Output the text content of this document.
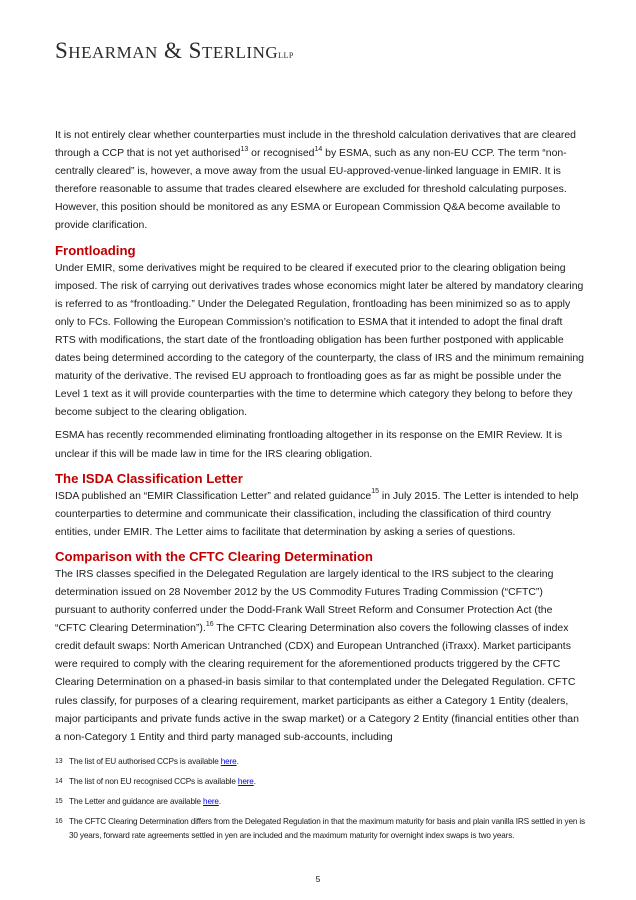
SHEARMAN & STERLINGLLP

It is not entirely clear whether counterparties must include in the threshold calculation derivatives that are cleared through a CCP that is not yet authorised$^{13}$ or recognised$^{14}$ by ESMA, such as any non-EU CCP. The term “non-centrally cleared” is, however, a move away from the usual EU-approved-venue-linked language in EMIR. It is therefore reasonable to assume that trades cleared elsewhere are excluded for threshold calculating purposes. However, this position should be monitored as any ESMA or European Commission Q&A become available to provide clarification.

Frontloading

Under EMIR, some derivatives might be required to be cleared if executed prior to the clearing obligation being imposed. The risk of carrying out derivatives trades whose economics might later be altered by mandatory clearing is referred to as “frontloading.” Under the Delegated Regulation, frontloading has been minimized so as to apply only to FCs. Following the European Commission’s notification to ESMA that it intended to adopt the final draft RTS with modifications, the start date of the frontloading obligation has been further postponed with applicable dates being determined according to the category of the counterparty, the class of IRS and the minimum remaining maturity of the derivative. The revised EU approach to frontloading goes as far as might be possible under the Level 1 text as it will provide counterparties with the time to determine which category they belong to before they become subject to the clearing obligation.

ESMA has recently recommended eliminating frontloading altogether in its response on the EMIR Review. It is unclear if this will be made law in time for the IRS clearing obligation.

The ISDA Classification Letter

ISDA published an “EMIR Classification Letter” and related guidance$^{15}$ in July 2015. The Letter is intended to help counterparties to determine and communicate their classification, including the classification of third country entities, under EMIR. The Letter aims to facilitate that determination by asking a series of questions.

Comparison with the CFTC Clearing Determination

The IRS classes specified in the Delegated Regulation are largely identical to the IRS subject to the clearing determination issued on 28 November 2012 by the US Commodity Futures Trading Commission (“CFTC”) pursuant to authority conferred under the Dodd-Frank Wall Street Reform and Consumer Protection Act (the “CFTC Clearing Determination”).$^{16}$ The CFTC Clearing Determination also covers the following classes of index credit default swaps: North American Untranched (CDX) and European Untranched (iTraxx). Market participants were required to comply with the clearing requirement for the aforementioned products triggered by the CFTC Clearing Determination on a phased-in basis similar to that contemplated under the Delegated Regulation. CFTC rules classify, for purposes of a clearing requirement, market participants as either a Category 1 Entity (dealers, major participants and private funds active in the swap market) or a Category 2 Entity (financial entities other than a non-Category 1 Entity and third party managed sub-accounts, including

13 The list of EU authorised CCPs is available here.
14 The list of non EU recognised CCPs is available here.
15 The Letter and guidance are available here.
16 The CFTC Clearing Determination differs from the Delegated Regulation in that the maximum maturity for basis and plain vanilla IRS settled in yen is 30 years, forward rate agreements settled in yen are included and the maximum maturity for overnight index swaps is two years.
5
